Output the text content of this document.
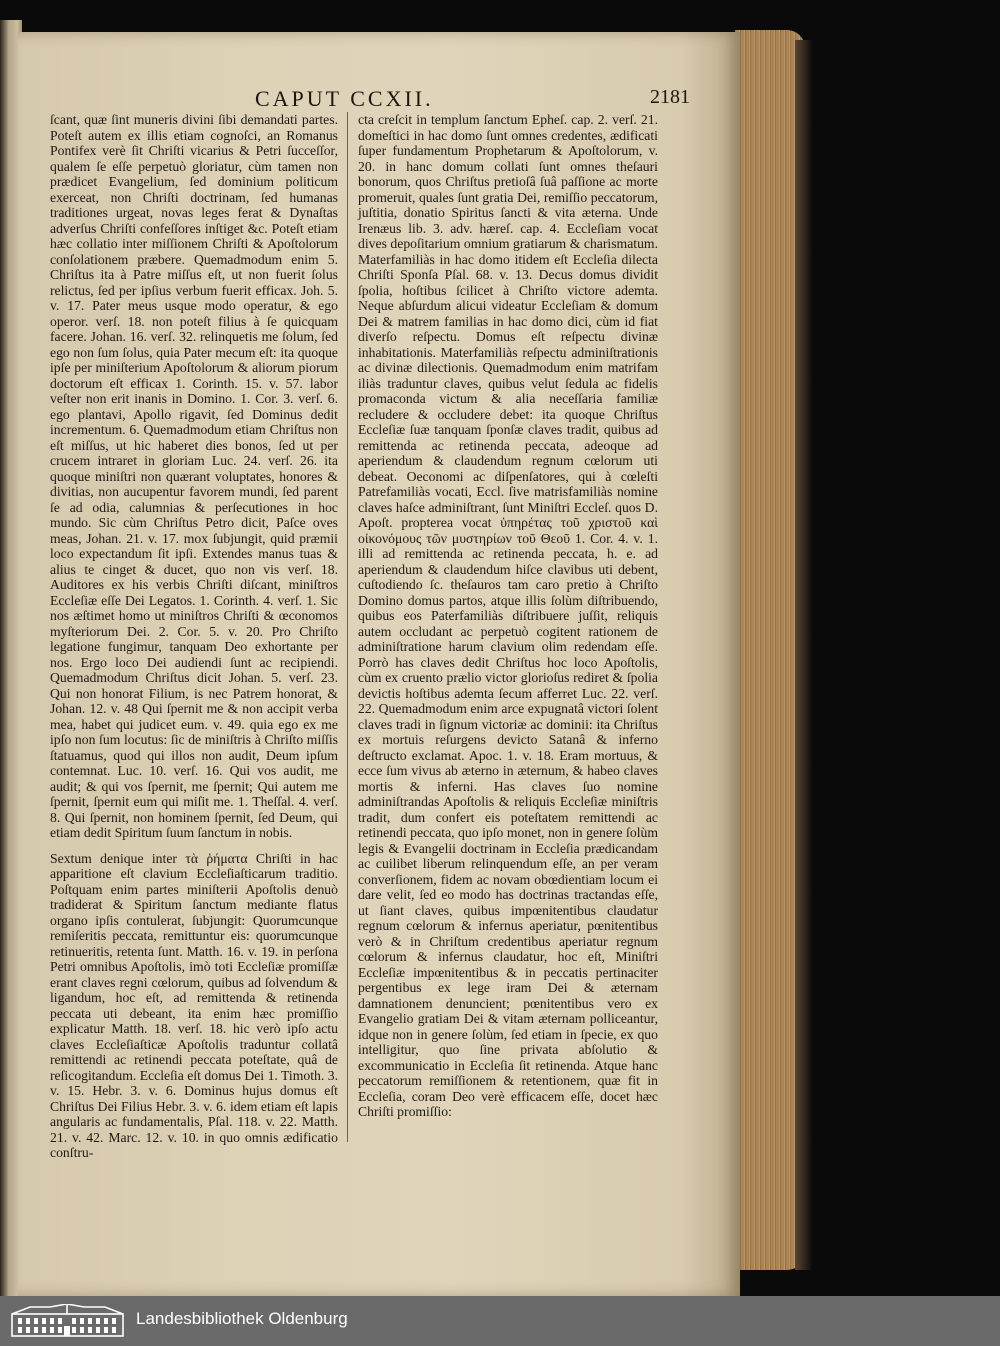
CAPUT CCXII.	2181

ſcant, quæ ſint muneris divini ſibi demandati partes. Poteſt autem ex illis etiam cognoſci, an Romanus Pontifex verè ſit Chriſti vicarius & Petri ſucceſſor, qualem ſe eſſe perpetuò gloriatur, cùm tamen non prædicet Evangelium, ſed dominium politicum exerceat, non Chriſti doctrinam, ſed humanas traditiones urgeat, novas leges ferat & Dynaſtas adverſus Chriſti confeſſores inſtiget &c. Poteſt etiam hæc collatio inter miſſionem Chriſti & Apoſtolorum conſolationem præbere. Quemadmodum enim 5. Chriſtus ita à Patre miſſus eſt, ut non fuerit ſolus relictus, ſed per ipſius verbum fuerit efficax. Joh. 5. v. 17. Pater meus usque modo operatur, & ego operor. verſ. 18. non poteſt filius à ſe quicquam facere. Johan. 16. verſ. 32. relinquetis me ſolum, ſed ego non ſum ſolus, quia Pater mecum eſt: ita quoque ipſe per miniſterium Apoſtolorum & aliorum piorum doctorum eſt efficax 1. Corinth. 15. v. 57. labor veſter non erit inanis in Domino. 1. Cor. 3. verſ. 6. ego plantavi, Apollo rigavit, ſed Dominus dedit incrementum. 6. Quemadmodum etiam Chriſtus non eſt miſſus, ut hic haberet dies bonos, ſed ut per crucem intraret in gloriam Luc. 24. verſ. 26. ita quoque miniſtri non quærant voluptates, honores & divitias, non aucupentur favorem mundi, ſed parent ſe ad odia, calumnias & perſecutiones in hoc mundo. Sic cùm Chriſtus Petro dicit, Paſce oves meas, Johan. 21. v. 17. mox ſubjungit, quid præmii loco expectandum ſit ipſi. Extendes manus tuas & alius te cinget & ducet, quo non vis verſ. 18. Auditores ex his verbis Chriſti diſcant, miniſtros Eccleſiæ eſſe Dei Legatos. 1. Corinth. 4. verſ. 1. Sic nos æſtimet homo ut miniſtros Chriſti & œconomos myſteriorum Dei. 2. Cor. 5. v. 20. Pro Chriſto legatione fungimur, tanquam Deo exhortante per nos. Ergo loco Dei audiendi ſunt ac recipiendi. Quemadmodum Chriſtus dicit Johan. 5. verſ. 23. Qui non honorat Filium, is nec Patrem honorat, & Johan. 12. v. 48 Qui ſpernit me & non accipit verba mea, habet qui judicet eum. v. 49. quia ego ex me ipſo non ſum locutus: ſic de miniſtris à Chriſto miſſis ſtatuamus, quod qui illos non audit, Deum ipſum contemnat. Luc. 10. verſ. 16. Qui vos audit, me audit; & qui vos ſpernit, me ſpernit; Qui autem me ſpernit, ſpernit eum qui miſit me. 1. Theſſal. 4. verſ. 8. Qui ſpernit, non hominem ſpernit, ſed Deum, qui etiam dedit Spiritum ſuum ſanctum in nobis.

Sextum denique inter τὰ ῥήματα Chriſti in hac apparitione eſt clavium Eccleſiaſticarum traditio. Poſtquam enim partes miniſterii Apoſtolis denuò tradiderat & Spiritum ſanctum mediante flatus organo ipſis contulerat, ſubjungit: Quorumcunque remiſeritis peccata, remittuntur eis: quorumcunque retinueritis, retenta ſunt. Matth. 16. v. 19. in perſona Petri omnibus Apoſtolis, imò toti Eccleſiæ promiſſæ erant claves regni cœlorum, quibus ad ſolvendum & ligandum, hoc eſt, ad remittenda & retinenda peccata uti debeant, ita enim hæc promiſſio explicatur Matth. 18. verſ. 18. hic verò ipſo actu claves Eccleſiaſticæ Apoſtolis traduntur collatâ remittendi ac retinendi peccata poteſtate, quâ de reſicogitandum. Eccleſia eſt domus Dei 1. Timoth. 3. v. 15. Hebr. 3. v. 6. Dominus hujus domus eſt Chriſtus Dei Filius Hebr. 3. v. 6. idem etiam eſt lapis angularis ac fundamentalis, Pſal. 118. v. 22. Matth. 21. v. 42. Marc. 12. v. 10. in quo omnis ædificatio conſtru-

cta creſcit in templum ſanctum Epheſ. cap. 2. verſ. 21. domeſtici in hac domo ſunt omnes credentes, ædificati ſuper fundamentum Prophetarum & Apoſtolorum, v. 20. in hanc domum collati ſunt omnes theſauri bonorum, quos Chriſtus pretioſâ ſuâ paſſione ac morte promeruit, quales ſunt gratia Dei, remiſſio peccatorum, juſtitia, donatio Spiritus ſancti & vita æterna. Unde Irenæus lib. 3. adv. hæreſ. cap. 4. Eccleſiam vocat dives depoſitarium omnium gratiarum & charismatum. Materfamiliàs in hac domo itidem eſt Eccleſia dilecta Chriſti Sponſa Pſal. 68. v. 13. Decus domus dividit ſpolia, hoſtibus ſcilicet à Chriſto victore ademta. Neque abſurdum alicui videatur Eccleſiam & domum Dei & matrem familias in hac domo dici, cùm id fiat diverſo reſpectu. Domus eſt reſpectu divinæ inhabitationis. Materfamiliàs reſpectu adminiſtrationis ac divinæ dilectionis. Quemadmodum enim matrifam iliàs traduntur claves, quibus velut ſedula ac fidelis promaconda victum & alia neceſſaria familiæ recludere & occludere debet: ita quoque Chriſtus Eccleſiæ ſuæ tanquam ſponſæ claves tradit, quibus ad remittenda ac retinenda peccata, adeoque ad aperiendum & claudendum regnum cœlorum uti debeat. Oeconomi ac diſpenſatores, qui à cœleſti Patrefamiliàs vocati, Eccl. ſive matrisfamiliàs nomine claves haſce adminiſtrant, ſunt Miniſtri Eccleſ. quos D. Apoſt. propterea vocat ὑπηρέτας τοῦ χριστοῦ καὶ οἰκονόμους τῶν μυστηρίων τοῦ Θεοῦ 1. Cor. 4. v. 1. illi ad remittenda ac retinenda peccata, h. e. ad aperiendum & claudendum hiſce clavibus uti debent, cuſtodiendo ſc. theſauros tam caro pretio à Chriſto Domino domus partos, atque illis ſolùm diſtribuendo, quibus eos Paterfamiliàs diſtribuere juſſit, reliquis autem occludant ac perpetuò cogitent rationem de adminiſtratione harum clavium olim redendam eſſe. Porrò has claves dedit Chriſtus hoc loco Apoſtolis, cùm ex cruento prælio victor glorioſus rediret & ſpolia devictis hoſtibus ademta ſecum afferret Luc. 22. verſ. 22. Quemadmodum enim arce expugnatâ victori ſolent claves tradi in ſignum victoriæ ac dominii: ita Chriſtus ex mortuis reſurgens devicto Satanâ & inferno deſtructo exclamat. Apoc. 1. v. 18. Eram mortuus, & ecce ſum vivus ab æterno in æternum, & habeo claves mortis & inferni. Has claves ſuo nomine adminiſtrandas Apoſtolis & reliquis Eccleſiæ miniſtris tradit, dum confert eis poteſtatem remittendi ac retinendi peccata, quo ipſo monet, non in genere ſolùm legis & Evangelii doctrinam in Eccleſia prædicandam ac cuilibet liberum relinquendum eſſe, an per veram converſionem, fidem ac novam obœdientiam locum ei dare velit, ſed eo modo has doctrinas tractandas eſſe, ut ſiant claves, quibus impœnitentibus claudatur regnum cœlorum & infernus aperiatur, pœnitentibus verò & in Chriſtum credentibus aperiatur regnum cœlorum & infernus claudatur, hoc eſt, Miniſtri Eccleſiæ impœnitentibus & in peccatis pertinaciter pergentibus ex lege iram Dei & æternam damnationem denuncient; pœnitentibus vero ex Evangelio gratiam Dei & vitam æternam polliceantur, idque non in genere ſolùm, ſed etiam in ſpecie, ex quo intelligitur, quo ſine privata abſolutio & excommunicatio in Eccleſia ſit retinenda. Atque hanc peccatorum remiſſionem & retentionem, quæ fit in Eccleſia, coram Deo verè efficacem eſſe, docet hæc Chriſti promiſſio:

Landesbibliothek Oldenburg
